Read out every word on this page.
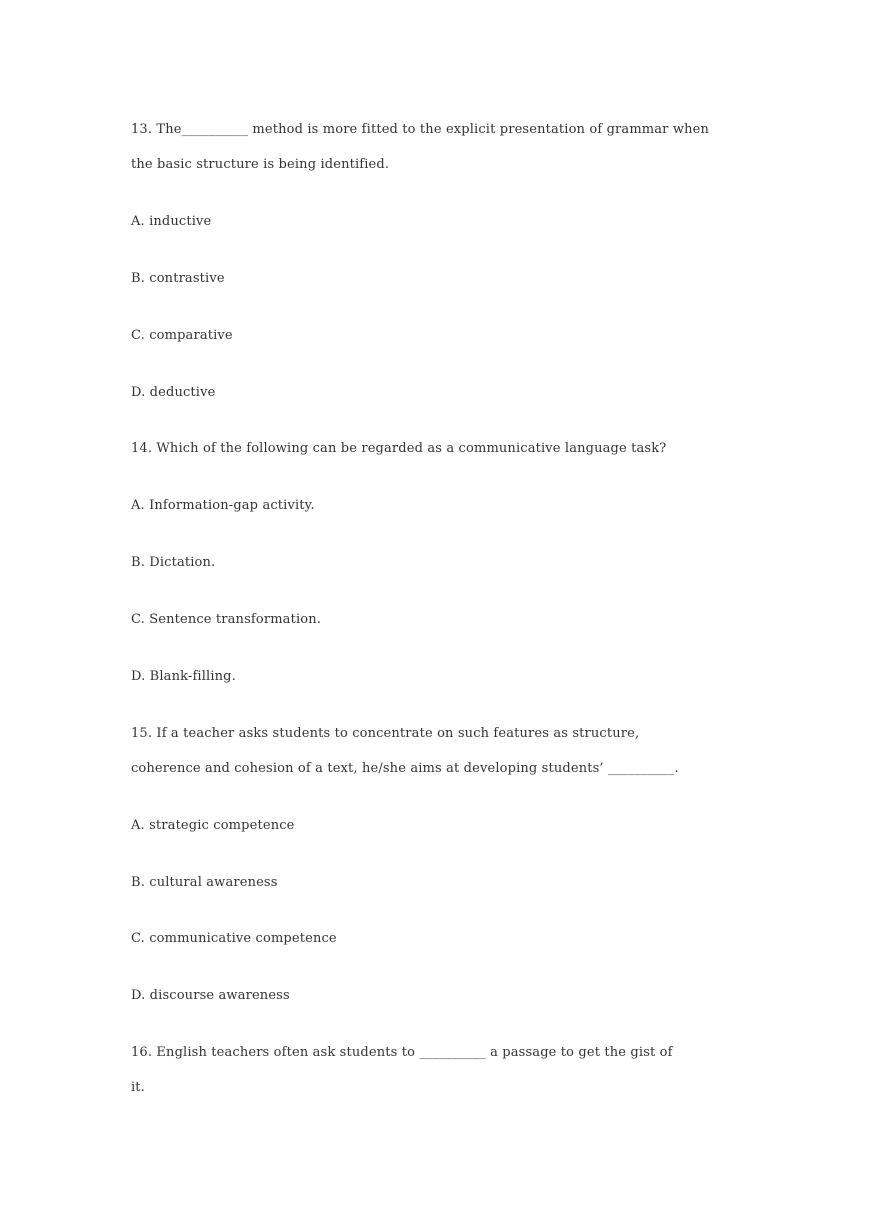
13. The__________ method is more fitted to the explicit presentation of grammar when
the basic structure is being identified.
A. inductive
B. contrastive
C. comparative
D. deductive
14. Which of the following can be regarded as a communicative language task?
A. Information-gap activity.
B. Dictation.
C. Sentence transformation.
D. Blank-filling.
15. If a teacher asks students to concentrate on such features as structure,
coherence and cohesion of a text, he/she aims at developing students’ __________.
A. strategic competence
B. cultural awareness
C. communicative competence
D. discourse awareness
16. English teachers often ask students to __________ a passage to get the gist of
it.
